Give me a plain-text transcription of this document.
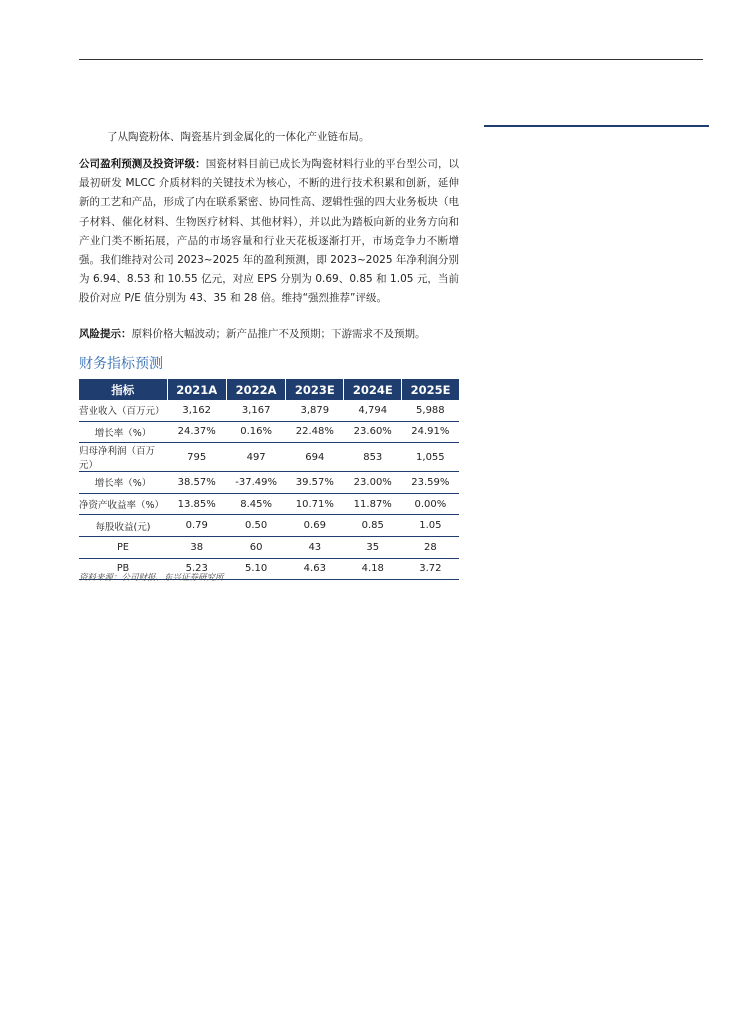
了从陶瓷粉体、陶瓷基片到金属化的一体化产业链布局。

公司盈利预测及投资评级：国瓷材料目前已成长为陶瓷材料行业的平台型公司，以最初研发 MLCC 介质材料的关键技术为核心，不断的进行技术积累和创新，延伸新的工艺和产品，形成了内在联系紧密、协同性高、逻辑性强的四大业务板块（电子材料、催化材料、生物医疗材料、其他材料），并以此为踏板向新的业务方向和产业门类不断拓展，产品的市场容量和行业天花板逐渐打开，市场竞争力不断增强。我们维持对公司 2023~2025 年的盈利预测，即 2023~2025 年净利润分别为 6.94、8.53 和 10.55 亿元，对应 EPS 分别为 0.69、0.85 和 1.05 元，当前股价对应 P/E 值分别为 43、35 和 28 倍。维持“强烈推荐”评级。

风险提示：原料价格大幅波动；新产品推广不及预期；下游需求不及预期。

财务指标预测
指标	2021A	2022A	2023E	2024E	2025E
营业收入（百万元）	3,162	3,167	3,879	4,794	5,988
增长率（%）	24.37%	0.16%	22.48%	23.60%	24.91%
归母净利润（百万元）	795	497	694	853	1,055
增长率（%）	38.57%	-37.49%	39.57%	23.00%	23.59%
净资产收益率（%）	13.85%	8.45%	10.71%	11.87%	0.00%
每股收益(元)	0.79	0.50	0.69	0.85	1.05
PE	38	60	43	35	28
PB	5.23	5.10	4.63	4.18	3.72

资料来源：公司财报、东兴证券研究所
